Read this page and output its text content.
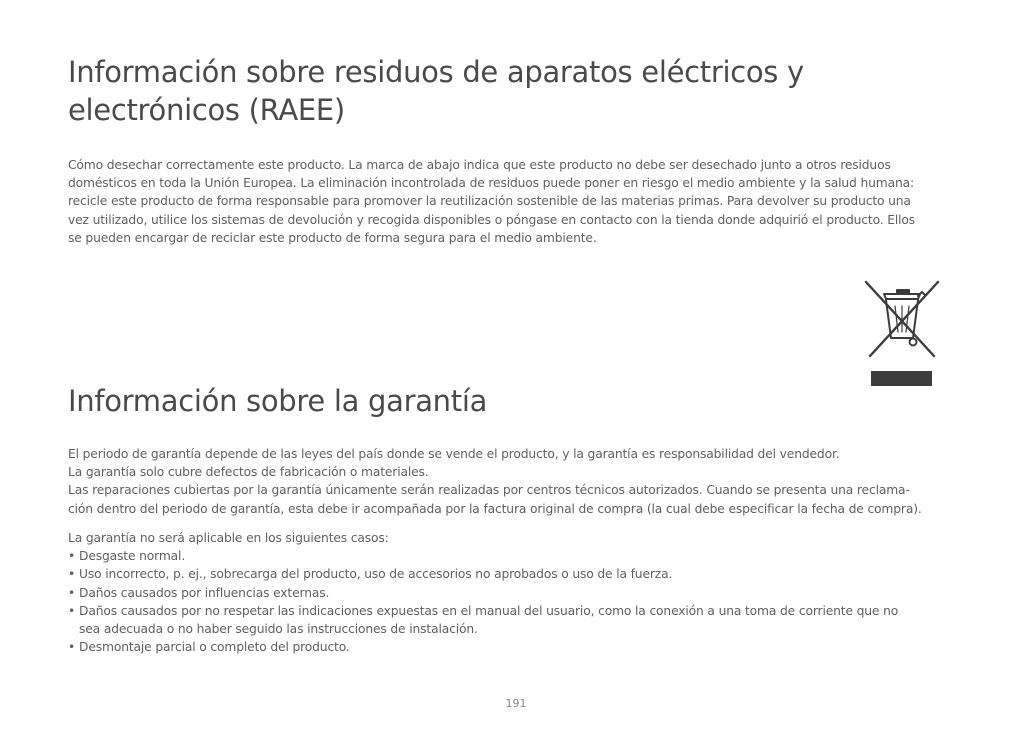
Información sobre residuos de aparatos eléctricos y electrónicos (RAEE)
Cómo desechar correctamente este producto. La marca de abajo indica que este producto no debe ser desechado junto a otros residuos
domésticos en toda la Unión Europea. La eliminación incontrolada de residuos puede poner en riesgo el medio ambiente y la salud humana:
recicle este producto de forma responsable para promover la reutilización sostenible de las materias primas. Para devolver su producto una
vez utilizado, utilice los sistemas de devolución y recogida disponibles o póngase en contacto con la tienda donde adquirió el producto. Ellos
se pueden encargar de reciclar este producto de forma segura para el medio ambiente.
Información sobre la garantía
El periodo de garantía depende de las leyes del país donde se vende el producto, y la garantía es responsabilidad del vendedor.
La garantía solo cubre defectos de fabricación o materiales.
Las reparaciones cubiertas por la garantía únicamente serán realizadas por centros técnicos autorizados. Cuando se presenta una reclama-
ción dentro del periodo de garantía, esta debe ir acompañada por la factura original de compra (la cual debe especificar la fecha de compra).
La garantía no será aplicable en los siguientes casos:
• Desgaste normal.
• Uso incorrecto, p. ej., sobrecarga del producto, uso de accesorios no aprobados o uso de la fuerza.
• Daños causados por influencias externas.
• Daños causados por no respetar las indicaciones expuestas en el manual del usuario, como la conexión a una toma de corriente que no
sea adecuada o no haber seguido las instrucciones de instalación.
• Desmontaje parcial o completo del producto.
191
